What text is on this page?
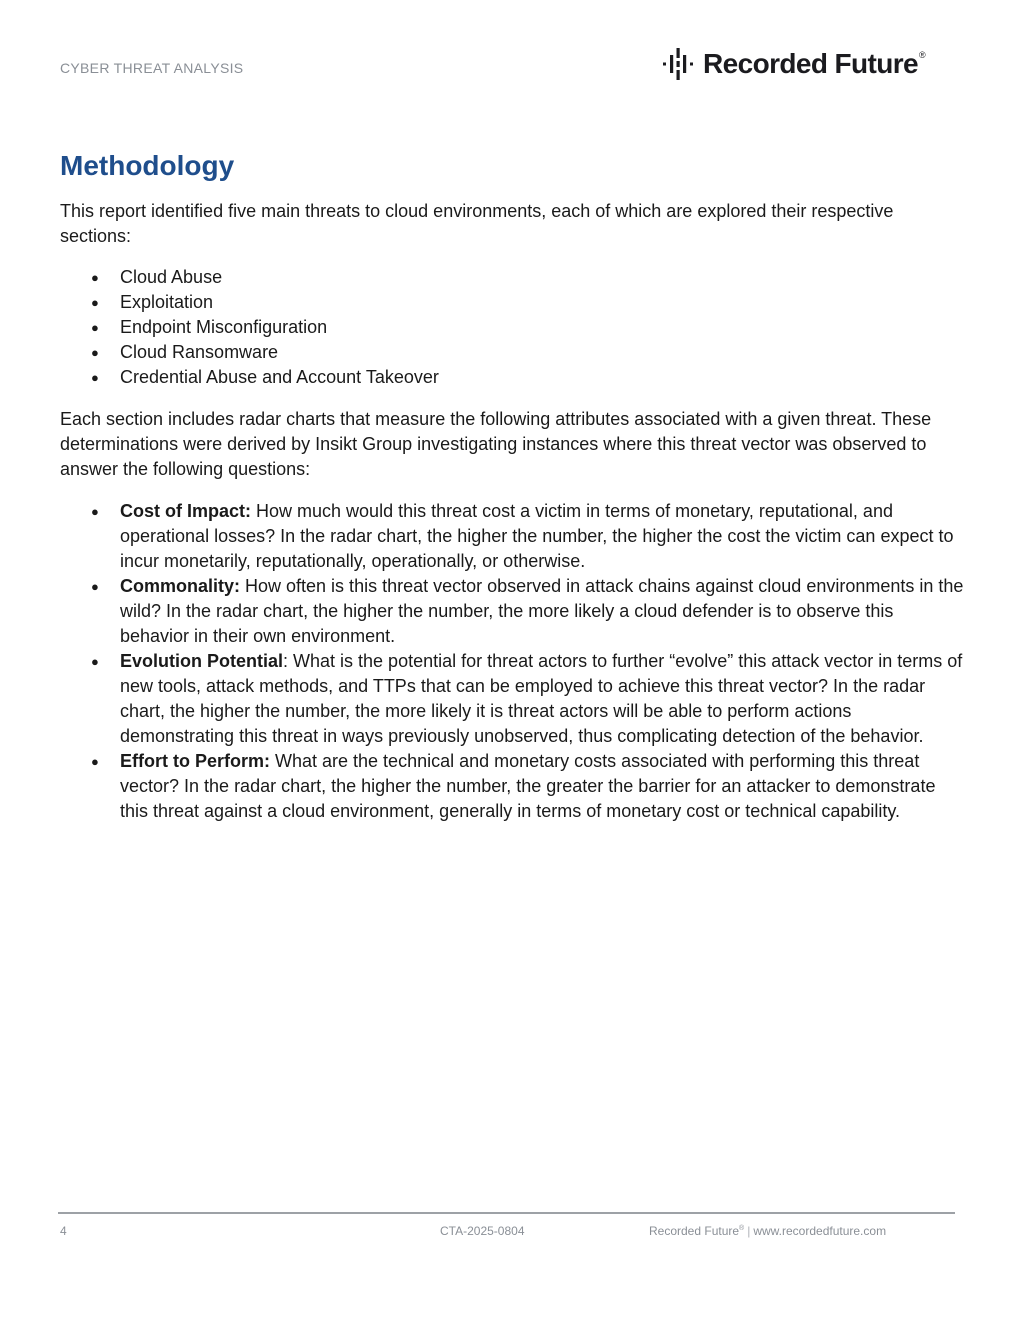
CYBER THREAT ANALYSIS	Recorded Future ®
Methodology

This report identified five main threats to cloud environments, each of which are explored their respective sections:

● Cloud Abuse
● Exploitation
● Endpoint Misconfiguration
● Cloud Ransomware
● Credential Abuse and Account Takeover

Each section includes radar charts that measure the following attributes associated with a given threat. These determinations were derived by Insikt Group investigating instances where this threat vector was observed to answer the following questions:

● Cost of Impact: How much would this threat cost a victim in terms of monetary, reputational, and operational losses? In the radar chart, the higher the number, the higher the cost the victim can expect to incur monetarily, reputationally, operationally, or otherwise.
● Commonality: How often is this threat vector observed in attack chains against cloud environments in the wild? In the radar chart, the higher the number, the more likely a cloud defender is to observe this behavior in their own environment.
● Evolution Potential: What is the potential for threat actors to further “evolve” this attack vector in terms of new tools, attack methods, and TTPs that can be employed to achieve this threat vector? In the radar chart, the higher the number, the more likely it is threat actors will be able to perform actions demonstrating this threat in ways previously unobserved, thus complicating detection of the behavior.
● Effort to Perform: What are the technical and monetary costs associated with performing this threat vector? In the radar chart, the higher the number, the greater the barrier for an attacker to demonstrate this threat against a cloud environment, generally in terms of monetary cost or technical capability.
4	CTA-2025-0804	Recorded Future® | www.recordedfuture.com
